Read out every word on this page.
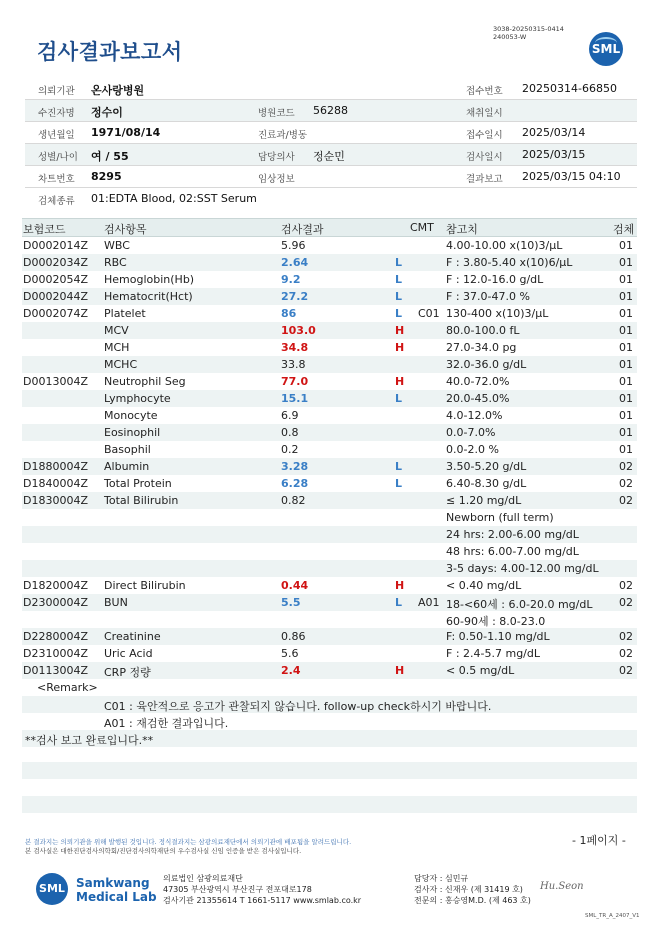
검사결과보고서
3038-20250315-0414
240053-W
SML
의뢰기관 온사랑병원	접수번호 20250314-66850
수진자명 정수이	병원코드 56288	채취일시
생년월일 1971/08/14	진료과/병동	접수일시 2025/03/14
성별/나이 여 / 55	담당의사 정순민	검사일시 2025/03/15
차트번호 8295	임상정보	결과보고 2025/03/15 04:10
검체종류 01:EDTA Blood, 02:SST Serum
보험코드	검사항목	검사결과	CMT 참고치	검체
D0002014Z WBC	5.96	4.00-10.00 x(10)3/μL	01
D0002034Z RBC	2.64	L	F : 3.80-5.40 x(10)6/μL	01
D0002054Z Hemoglobin(Hb)	9.2	L	F : 12.0-16.0 g/dL	01
D0002044Z Hematocrit(Hct)	27.2	L	F : 37.0-47.0 %	01
D0002074Z Platelet	86	L C01 130-400 x(10)3/μL	01
MCV	103.0	H	80.0-100.0 fL	01
MCH	34.8	H	27.0-34.0 pg	01
MCHC	33.8	32.0-36.0 g/dL	01
D0013004Z Neutrophil Seg	77.0	H	40.0-72.0%	01
Lymphocyte	15.1	L	20.0-45.0%	01
Monocyte	6.9	4.0-12.0%	01
Eosinophil	0.8	0.0-7.0%	01
Basophil	0.2	0.0-2.0 %	01
D1880004Z Albumin	3.28	L	3.50-5.20 g/dL	02
D1840004Z Total Protein	6.28	L	6.40-8.30 g/dL	02
D1830004Z Total Bilirubin	0.82	≤ 1.20 mg/dL	02
Newborn (full term)
24 hrs: 2.00-6.00 mg/dL
48 hrs: 6.00-7.00 mg/dL
3-5 days: 4.00-12.00 mg/dL
D1820004Z Direct Bilirubin	0.44	H	< 0.40 mg/dL	02
D2300004Z BUN	5.5	L A01 18-<60세 : 6.0-20.0 mg/dL 02
60-90세 : 8.0-23.0
D2280004Z Creatinine	0.86	F: 0.50-1.10 mg/dL	02
D2310004Z Uric Acid	5.6	F : 2.4-5.7 mg/dL	02
D0113004Z CRP 정량	2.4	H	< 0.5 mg/dL	02
<Remark>
C01 : 육안적으로 응고가 관찰되지 않습니다. follow-up check하시기 바랍니다.
A01 : 재검한 결과입니다.
**검사 보고 완료입니다.**
본 결과지는 의뢰기관을 위해 발행된 것입니다. 정식결과지는 삼광의료재단에서 의뢰기관에 배포됨을 알려드립니다.
본 검사실은 대한진단검사의학회/진단검사의학재단의 우수검사실 신임 인증을 받은 검사실입니다.
- 1페이지 -
SML Samkwang
Medical Lab
의료법인 삼광의료재단
47305 부산광역시 부산진구 전포대로178
검사기관 21355614 T 1661-5117 www.smlab.co.kr
담당자 : 심민규
검사자 : 신재우 (제 31419 호)
전문의 : 홍승영M.D. (제 463 호)
Hu.Seon
SML_TR_A_2407_V1
